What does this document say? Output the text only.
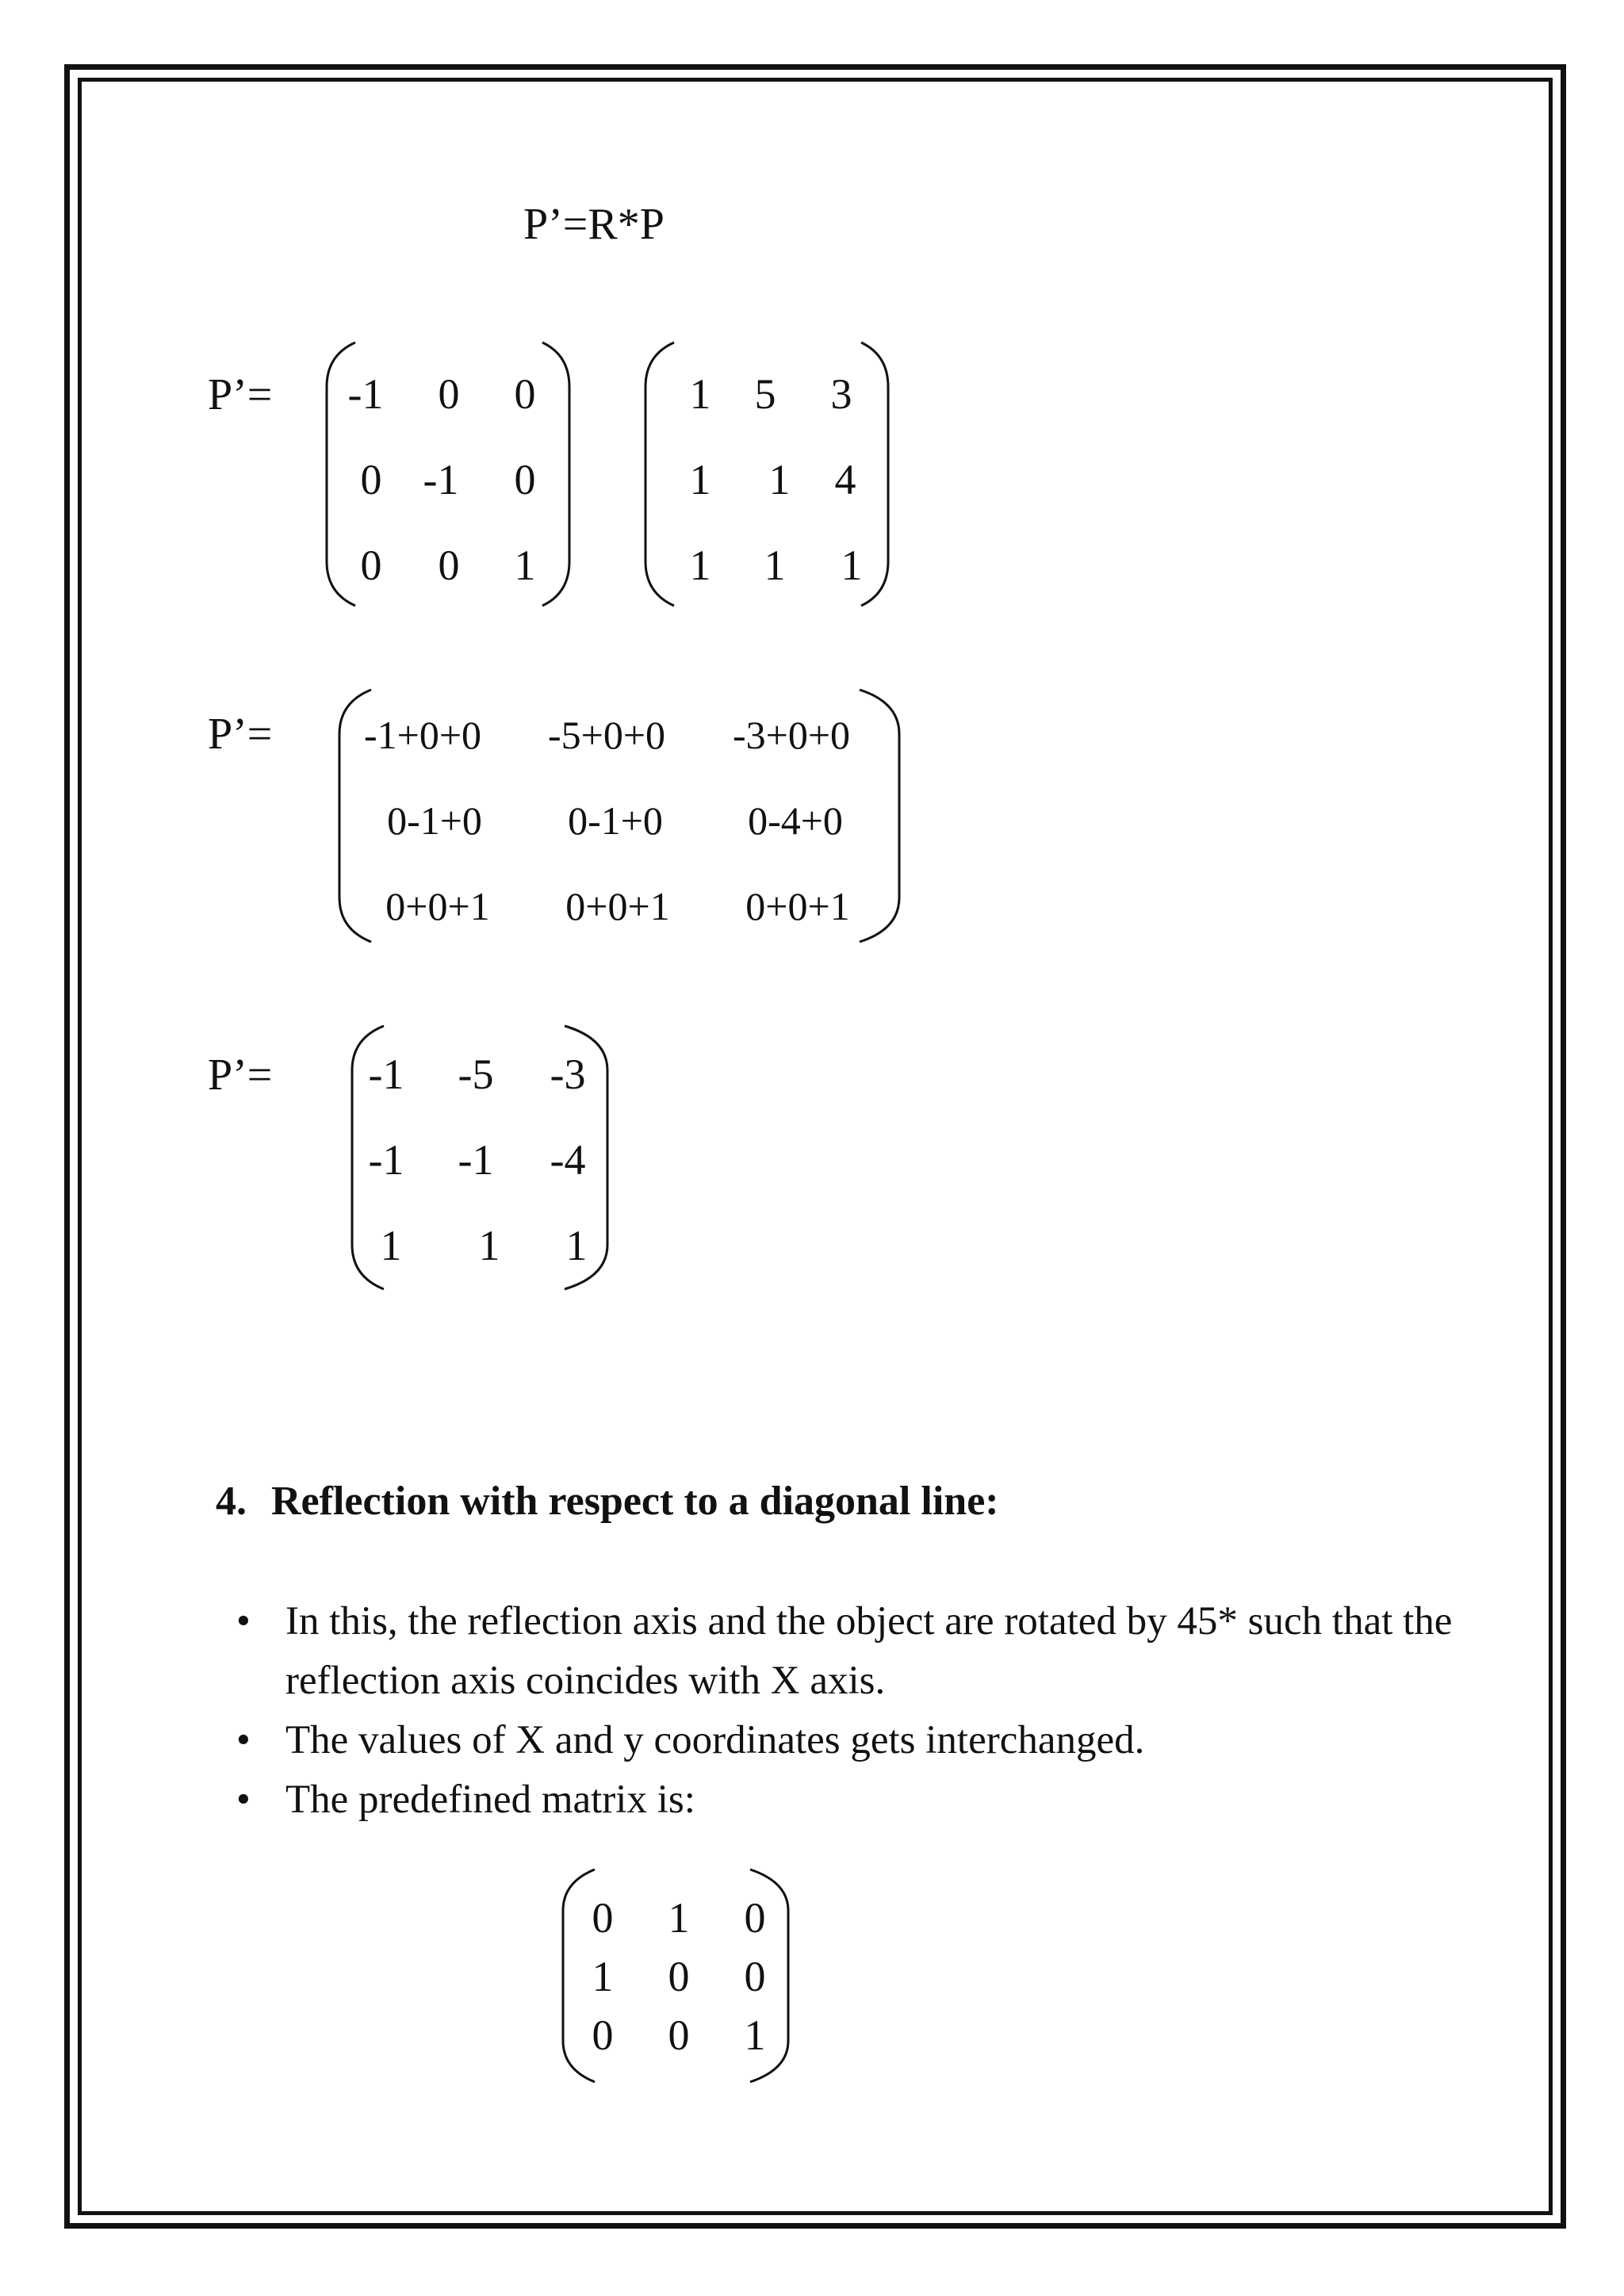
P’=R*P
P’= -1 0 0
0 -1 0
0 0 1
1 5 3
1 1 4
1 1 1
P’= -1+0+0 -5+0+0 -3+0+0
0-1+0 0-1+0 0-4+0
0+0+1 0+0+1 0+0+1
P’= -1 -5 -3
-1 -1 -4
1 1 1
4. Reflection with respect to a diagonal line:
• In this, the reflection axis and the object are rotated by 45* such that the reflection axis coincides with X axis.
• The values of X and y coordinates gets interchanged.
• The predefined matrix is:
0 1 0
1 0 0
0 0 1
